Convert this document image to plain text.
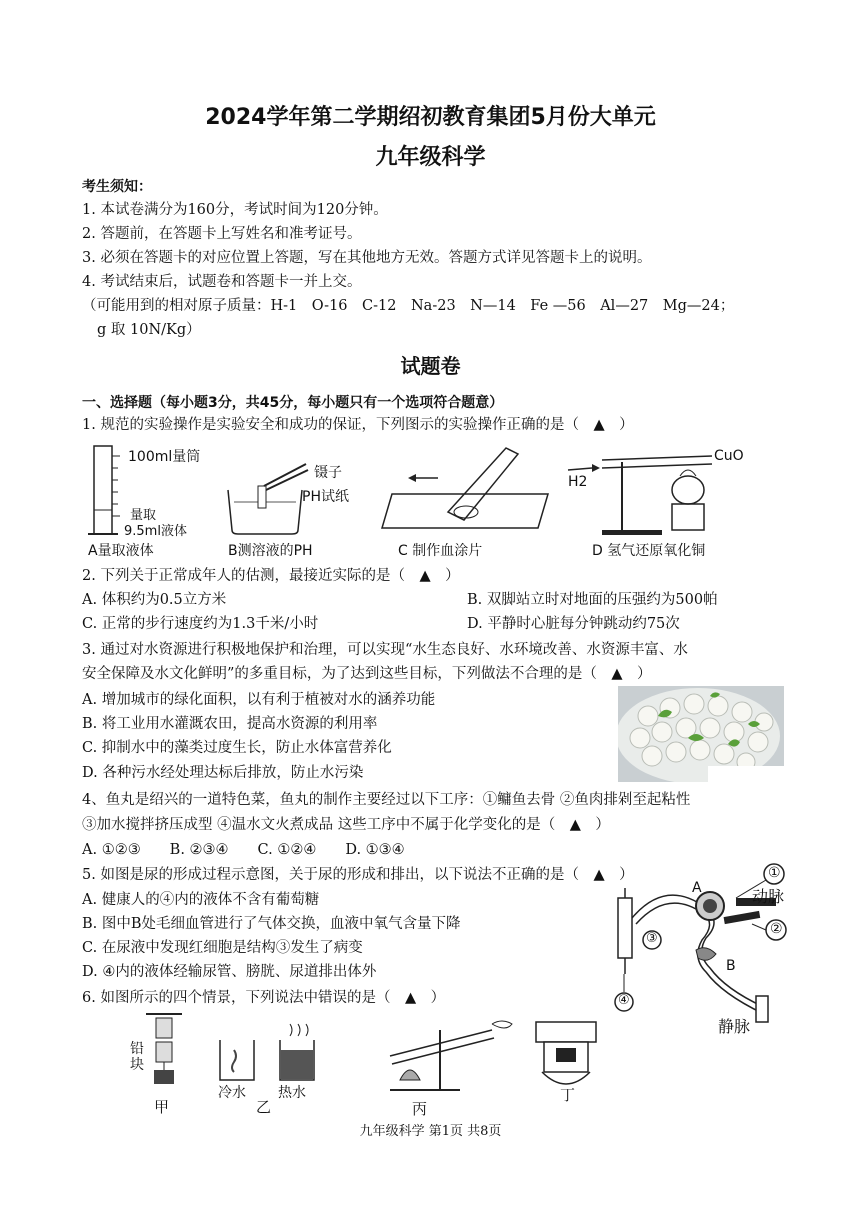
2024学年第二学期绍初教育集团5月份大单元
九年级科学
考生须知：
1. 本试卷满分为160分，考试时间为120分钟。
2. 答题前，在答题卡上写姓名和准考证号。
3. 必须在答题卡的对应位置上答题，写在其他地方无效。答题方式详见答题卡上的说明。
4. 考试结束后，试题卷和答题卡一并上交。
（可能用到的相对原子质量：H-1　O-16　C-12　Na-23　N—14　Fe —56　Al—27　Mg—24；
g 取 10N/Kg）
试题卷
一、选择题（每小题3分，共45分，每小题只有一个选项符合题意）
1. 规范的实验操作是实验安全和成功的保证，下列图示的实验操作正确的是（　▲　）
100ml量筒
量取
9.5ml液体
A量取液体
镊子
PH试纸
B测溶液的PH	C 制作血涂片
CuO
H2
D 氢气还原氧化铜
2. 下列关于正常成年人的估测，最接近实际的是（　▲　）
A. 体积约为0.5立方米	B. 双脚站立时对地面的压强约为500帕
C. 正常的步行速度约为1.3千米/小时	D. 平静时心脏每分钟跳动约75次
3. 通过对水资源进行积极地保护和治理，可以实现“水生态良好、水环境改善、水资源丰富、水
安全保障及水文化鲜明”的多重目标，为了达到这些目标，下列做法不合理的是（　▲　）
A. 增加城市的绿化面积，以有利于植被对水的涵养功能
B. 将工业用水灌溉农田，提高水资源的利用率
C. 抑制水中的藻类过度生长，防止水体富营养化
D. 各种污水经处理达标后排放，防止水污染
4、鱼丸是绍兴的一道特色菜，鱼丸的制作主要经过以下工序：①鳙鱼去骨 ②鱼肉排剁至起粘性
③加水搅拌挤压成型 ④温水文火煮成品 这些工序中不属于化学变化的是（　▲　）
A. ①②③　　B. ②③④　　C. ①②④　　D. ①③④
5. 如图是尿的形成过程示意图，关于尿的形成和排出，以下说法不正确的是（　▲　）
A. 健康人的④内的液体不含有葡萄糖
B. 图中B处毛细血管进行了气体交换，血液中氧气含量下降
C. 在尿液中发现红细胞是结构③发生了病变
D. ④内的液体经输尿管、膀胱、尿道排出体外
①
②
③
④
A
B
动脉
静脉
6. 如图所示的四个情景，下列说法中错误的是（　▲　）
铅
块
冷水 热水
甲	乙	丙
丁
九年级科学 第1页 共8页
